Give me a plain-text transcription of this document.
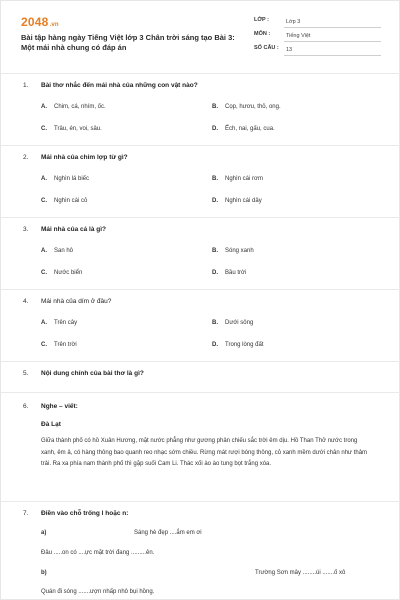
2048.vn
Bài tập hàng ngày Tiếng Việt lớp 3 Chân trời sáng tạo Bài 3: Một mái nhà chung có đáp án
LỚP :	Lớp 3
MÔN :	Tiếng Việt
SỐ CÂU :	13
1. Bài thơ nhắc đến mái nhà của những con vật nào?
A. Chim, cá, nhím, ốc.	B. Cọp, hươu, thỏ, ong.
C. Trâu, én, voi, sâu.	D. Ếch, nai, gấu, cua.
2. Mái nhà của chim lợp từ gì?
A. Nghìn lá biếc	B. Nghìn cái rơm
C. Nghìn cái cỏ	D. Nghìn cái dây
3. Mái nhà của cá là gì?
A. San hô	B. Sóng xanh
C. Nước biển	D. Bầu trời
4. Mái nhà của dím ở đâu?
A. Trên cây	B. Dưới sông
C. Trên trời	D. Trong lòng đất
5. Nội dung chính của bài thơ là gì?
6. Nghe – viết:
Đà Lạt
Giữa thành phố có hồ Xuân Hương, mặt nước phẳng như gương phản chiếu sắc trời êm dịu. Hồ Than Thở nước trong xanh, êm ả, có hàng thông bao quanh reo nhạc sớm chiều. Rừng mát rượi bóng thông, cỏ xanh mềm dưới chân như thảm trải. Ra xa phía nam thành phố thì gặp suối Cam Li. Thác xối ào ào tung bọt trắng xóa.
7. Điền vào chỗ trống l hoặc n:
a)	Sáng hè đẹp ....ắm em ơi
Đâu .....on có ....ực mặt trời đang .........ên.
b)	Trường Sơn mây ........úi .......ố xô
Quán đi sóng .......ượn nhấp nhô bụi hồng.
